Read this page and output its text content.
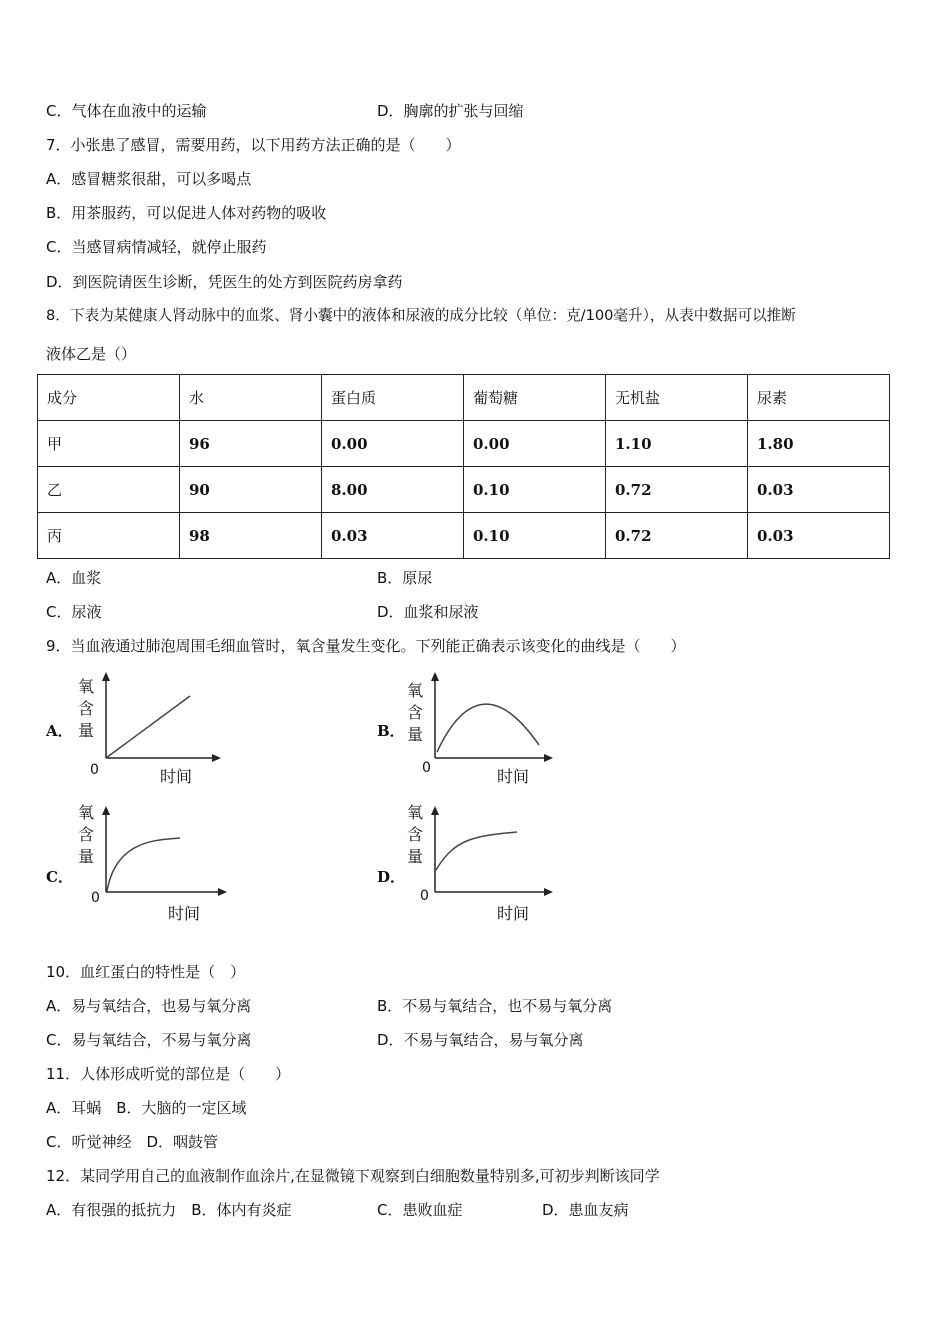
C．气体在血液中的运输	D．胸廓的扩张与回缩
7．小张患了感冒，需要用药，以下用药方法正确的是（　　）
A．感冒糖浆很甜，可以多喝点
B．用茶服药，可以促进人体对药物的吸收
C．当感冒病情减轻，就停止服药
D．到医院请医生诊断，凭医生的处方到医院药房拿药
8．下表为某健康人肾动脉中的血浆、肾小囊中的液体和尿液的成分比较（单位：克/100毫升），从表中数据可以推断
液体乙是（）
成分	水	蛋白质	葡萄糖	无机盐	尿素
甲	96	0.00	0.00	1.10	1.80
乙	90	8.00	0.10	0.72	0.03
丙	98	0.03	0.10	0.72	0.03
A．血浆	B．原尿
C．尿液	D．血浆和尿液
9．当血液通过肺泡周围毛细血管时，氧含量发生变化。下列能正确表示该变化的曲线是（　　）
A．
氧
含
量
0	时间
B．
氧
含
量
0	时间
C．
氧
含
量
0
时间
D．
氧
含
量
0
时间
10．血红蛋白的特性是（　）
A．易与氧结合，也易与氧分离	B．不易与氧结合，也不易与氧分离
C．易与氧结合，不易与氧分离	D．不易与氧结合，易与氧分离
11．人体形成听觉的部位是（　　）
A．耳蜗　B．大脑的一定区域
C．听觉神经　D．咽鼓管
12．某同学用自己的血液制作血涂片,在显微镜下观察到白细胞数量特别多,可初步判断该同学
A．有很强的抵抗力　B．体内有炎症	C．患败血症	D．患血友病
